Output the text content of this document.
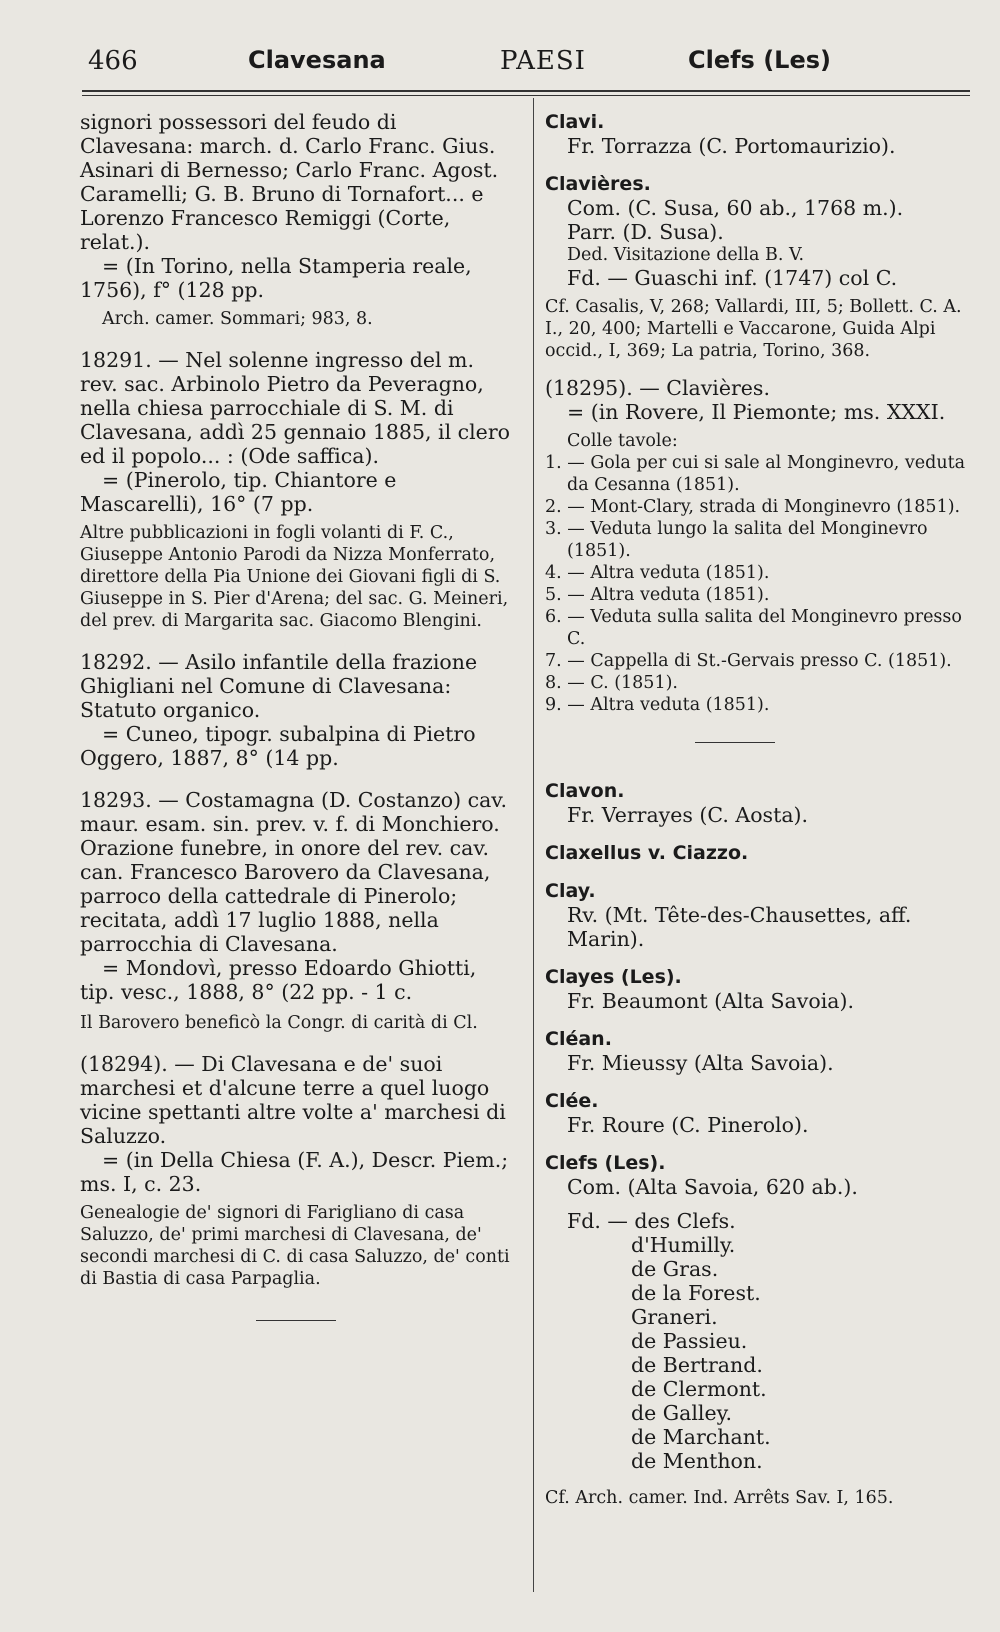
466	Clavesana	PAESI	Clefs (Les)

signori possessori del feudo di Clavesana: march. d. Carlo Franc. Gius. Asinari di Bernesso; Carlo Franc. Agost. Caramelli; G. B. Bruno di Tornafort... e Lorenzo Francesco Remiggi (Corte, relat.).

= (In Torino, nella Stamperia reale, 1756), f° (128 pp.

Arch. camer. Sommari; 983, 8.

18291. — Nel solenne ingresso del m. rev. sac. Arbinolo Pietro da Peveragno, nella chiesa parrocchiale di S. M. di Clavesana, addì 25 gennaio 1885, il clero ed il popolo... : (Ode saffica).

= (Pinerolo, tip. Chiantore e Mascarelli), 16° (7 pp.

Altre pubblicazioni in fogli volanti di F. C., Giuseppe Antonio Parodi da Nizza Monferrato, direttore della Pia Unione dei Giovani figli di S. Giuseppe in S. Pier d'Arena; del sac. G. Meineri, del prev. di Margarita sac. Giacomo Blengini.

18292. — Asilo infantile della frazione Ghigliani nel Comune di Clavesana: Statuto organico.

= Cuneo, tipogr. subalpina di Pietro Oggero, 1887, 8° (14 pp.

18293. — Costamagna (D. Costanzo) cav. maur. esam. sin. prev. v. f. di Monchiero. Orazione funebre, in onore del rev. cav. can. Francesco Barovero da Clavesana, parroco della cattedrale di Pinerolo; recitata, addì 17 luglio 1888, nella parrocchia di Clavesana.

= Mondovì, presso Edoardo Ghiotti, tip. vesc., 1888, 8° (22 pp. - 1 c.

Il Barovero beneficò la Congr. di carità di Cl.

(18294). — Di Clavesana e de' suoi marchesi et d'alcune terre a quel luogo vicine spettanti altre volte a' marchesi di Saluzzo.

= (in Della Chiesa (F. A.), Descr. Piem.; ms. I, c. 23.

Genealogie de' signori di Farigliano di casa Saluzzo, de' primi marchesi di Clavesana, de' secondi marchesi di C. di casa Saluzzo, de' conti di Bastia di casa Parpaglia.

Clavi.

Fr. Torrazza (C. Portomaurizio).

Clavières.

Com. (C. Susa, 60 ab., 1768 m.).

Parr. (D. Susa).

Ded. Visitazione della B. V.

Fd. — Guaschi inf. (1747) col C.

Cf. Casalis, V, 268; Vallardi, III, 5; Bollett. C. A. I., 20, 400; Martelli e Vaccarone, Guida Alpi occid., I, 369; La patria, Torino, 368.

(18295). — Clavières.

= (in Rovere, Il Piemonte; ms. XXXI.

Colle tavole:

1. — Gola per cui si sale al Monginevro, veduta da Cesanna (1851).

2. — Mont-Clary, strada di Monginevro (1851).

3. — Veduta lungo la salita del Monginevro (1851).

4. — Altra veduta (1851).

5. — Altra veduta (1851).

6. — Veduta sulla salita del Monginevro presso C.

7. — Cappella di St.-Gervais presso C. (1851).

8. — C. (1851).

9. — Altra veduta (1851).

Clavon.

Fr. Verrayes (C. Aosta).

Claxellus v. Ciazzo.

Clay.

Rv. (Mt. Tête-des-Chausettes, aff. Marin).

Clayes (Les).

Fr. Beaumont (Alta Savoia).

Cléan.

Fr. Mieussy (Alta Savoia).

Clée.

Fr. Roure (C. Pinerolo).

Clefs (Les).

Com. (Alta Savoia, 620 ab.).

Fd. — des Clefs.

d'Humilly.

de Gras.

de la Forest.

Graneri.

de Passieu.

de Bertrand.

de Clermont.

de Galley.

de Marchant.

de Menthon.

Cf. Arch. camer. Ind. Arrêts Sav. I, 165.
